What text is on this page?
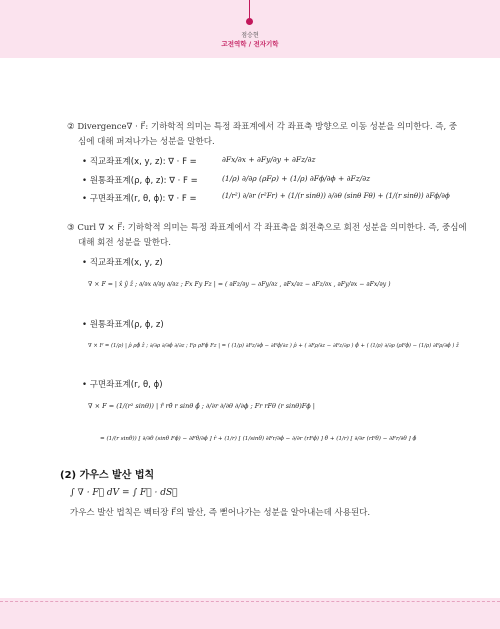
점승현
고전역학 / 전자기학
② Divergence∇ · F⃗: 기하학적 의미는 특정 좌표계에서 각 좌표축 방향으로 이동 성분을 의미한다. 즉, 중
심에 대해 퍼져나가는 성분을 말한다.
• 직교좌표계(x, y, z): ∇ · F =	∂Fx/∂x + ∂Fy/∂y + ∂Fz/∂z
• 원통좌표계(ρ, ϕ, z): ∇ · F =	(1/ρ) ∂/∂ρ (ρFρ) + (1/ρ) ∂Fϕ/∂ϕ + ∂Fz/∂z
• 구면좌표계(r, θ, ϕ): ∇ · F =	(1/r²) ∂/∂r (r²Fr) + (1/(r sinθ)) ∂/∂θ (sinθ Fθ) + (1/(r sinθ)) ∂Fϕ/∂ϕ
③ Curl ∇ × F⃗: 기하학적 의미는 특정 좌표계에서 각 좌표축을 회전축으로 회전 성분을 의미한다. 즉, 중심에
대해 회전 성분을 말한다.
• 직교좌표계(x, y, z)
∇ × F = | x̂ ŷ ẑ ; ∂/∂x ∂/∂y ∂/∂z ; Fx Fy Fz | = ( ∂Fz/∂y − ∂Fy/∂z , ∂Fx/∂z − ∂Fz/∂x , ∂Fy/∂x − ∂Fx/∂y )
• 원통좌표계(ρ, ϕ, z)
∇ × F = (1/ρ) | ρ̂ ρϕ̂ ẑ ; ∂/∂ρ ∂/∂ϕ ∂/∂z ; Fρ ρFϕ Fz | = ( (1/ρ) ∂Fz/∂ϕ − ∂Fϕ/∂z ) ρ̂ + ( ∂Fρ/∂z − ∂Fz/∂ρ ) ϕ̂ + ( (1/ρ) ∂/∂ρ (ρFϕ) − (1/ρ) ∂Fρ/∂ϕ ) ẑ
• 구면좌표계(r, θ, ϕ)
∇ × F = (1/(r² sinθ)) | r̂ rθ̂ r sinθ ϕ̂ ; ∂/∂r ∂/∂θ ∂/∂ϕ ; Fr rFθ (r sinθ)Fϕ |
= (1/(r sinθ)) [ ∂/∂θ (sinθ Fϕ) − ∂Fθ/∂ϕ ] r̂ + (1/r) [ (1/sinθ) ∂Fr/∂ϕ − ∂/∂r (rFϕ) ] θ̂ + (1/r) [ ∂/∂r (rFθ) − ∂Fr/∂θ ] ϕ̂
(2) 가우스 발산 법칙
∫ ∇ · F⃗ dV = ∫ F⃗ · dS⃗
가우스 발산 법칙은 벡터장 F⃗의 발산, 즉 뻗어나가는 성분을 알아내는데 사용된다.
